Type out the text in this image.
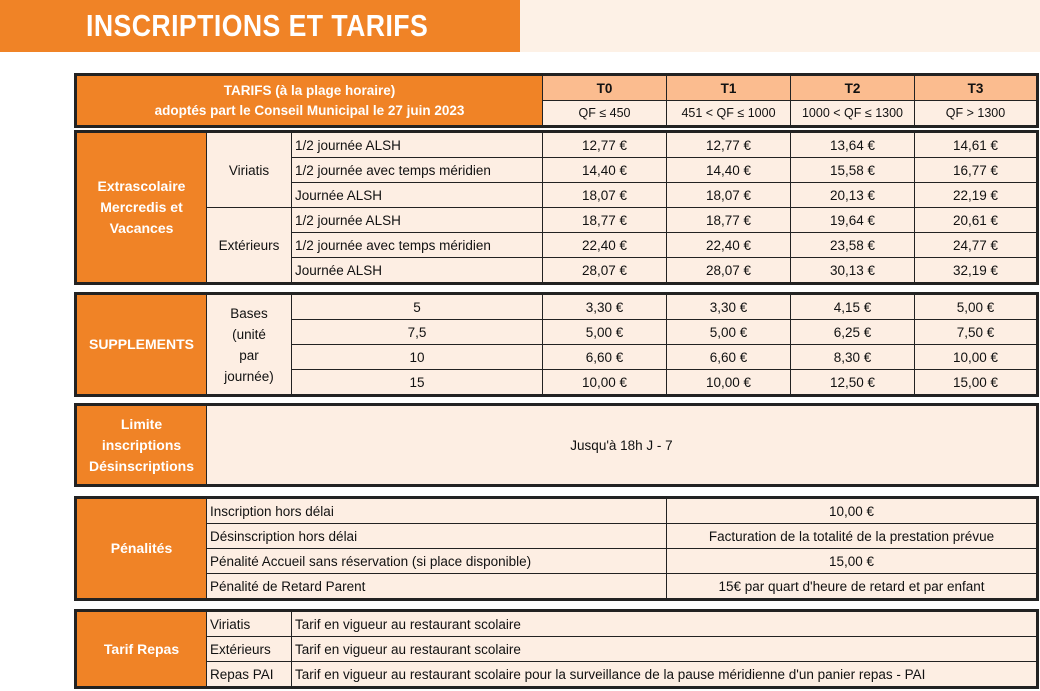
INSCRIPTIONS ET TARIFS
TARIFS (à la plage horaire)
adoptés part le Conseil Municipal le 27 juin 2023	T0	T1	T2	T3
	QF ≤ 450	451 < QF ≤ 1000	1000 < QF ≤ 1300	QF > 1300
Extrascolaire
Mercredis et
Vacances	Viriatis	1/2 journée ALSH	12,77 €	12,77 €	13,64 €	14,61 €
		1/2 journée avec temps méridien	14,40 €	14,40 €	15,58 €	16,77 €
		Journée ALSH	18,07 €	18,07 €	20,13 €	22,19 €
	Extérieurs	1/2 journée ALSH	18,77 €	18,77 €	19,64 €	20,61 €
		1/2 journée avec temps méridien	22,40 €	22,40 €	23,58 €	24,77 €
		Journée ALSH	28,07 €	28,07 €	30,13 €	32,19 €
SUPPLEMENTS	Bases
(unité
par
journée)	5	3,30 €	3,30 €	4,15 €	5,00 €
		7,5	5,00 €	5,00 €	6,25 €	7,50 €
		10	6,60 €	6,60 €	8,30 €	10,00 €
		15	10,00 €	10,00 €	12,50 €	15,00 €
Limite
inscriptions
Désinscriptions	Jusqu'à 18h J - 7
Pénalités	Inscription hors délai	10,00 €
	Désinscription hors délai	Facturation de la totalité de la prestation prévue
	Pénalité Accueil sans réservation (si place disponible)	15,00 €
	Pénalité de Retard Parent	15€ par quart d'heure de retard et par enfant
Tarif Repas	Viriatis	Tarif en vigueur au restaurant scolaire
	Extérieurs	Tarif en vigueur au restaurant scolaire
	Repas PAI	Tarif en vigueur au restaurant scolaire pour la surveillance de la pause méridienne d'un panier repas - PAI
